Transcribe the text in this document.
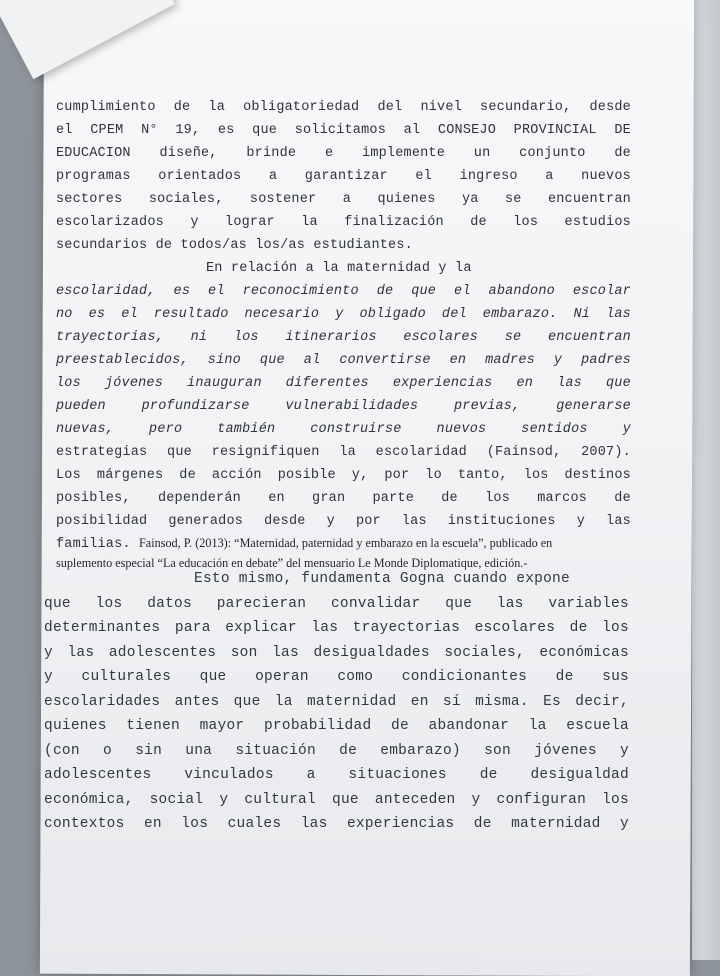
cumplimiento de la obligatoriedad del nivel secundario, desde
el CPEM N° 19, es que solicitamos al CONSEJO PROVINCIAL DE
EDUCACION diseñe, brinde e implemente un conjunto de
programas orientados a garantizar el ingreso a nuevos
sectores sociales, sostener a quienes ya se encuentran
escolarizados y lograr la finalización de los estudios
secundarios de todos/as los/as estudiantes.
En relación a la maternidad y la
escolaridad, es el reconocimiento de que el abandono escolar
no es el resultado necesario y obligado del embarazo. Ni las
trayectorias, ni los itinerarios escolares se encuentran
preestablecidos, sino que al convertirse en madres y padres
los jóvenes inauguran diferentes experiencias en las que
pueden	profundizarse	vulnerabilidades	previas,	generarse
nuevas,	pero	también	construirse	nuevos	sentidos	y
estrategias que resignifiquen la escolaridad (Fainsod, 2007).
Los márgenes de acción posible y, por lo tanto, los destinos
posibles, dependerán en gran parte de los marcos de
posibilidad generados desde y por las instituciones y las
familias. Fainsod, P. (2013): “Maternidad, paternidad y embarazo en la escuela”, publicado en
suplemento especial “La educación en debate” del mensuario Le Monde Diplomatique, edición.-
Esto mismo, fundamenta Gogna cuando expone
que los datos parecieran convalidar que las variables
determinantes para explicar las trayectorias escolares de los
y las adolescentes son las desigualdades sociales, económicas
y culturales que operan como condicionantes de sus
escolaridades antes que la maternidad en sí misma. Es decir,
quienes tienen mayor probabilidad de abandonar la escuela
(con o sin una situación de embarazo) son jóvenes y
adolescentes vinculados a situaciones de desigualdad
económica, social y cultural que anteceden y configuran los
contextos en los cuales las experiencias de maternidad y
